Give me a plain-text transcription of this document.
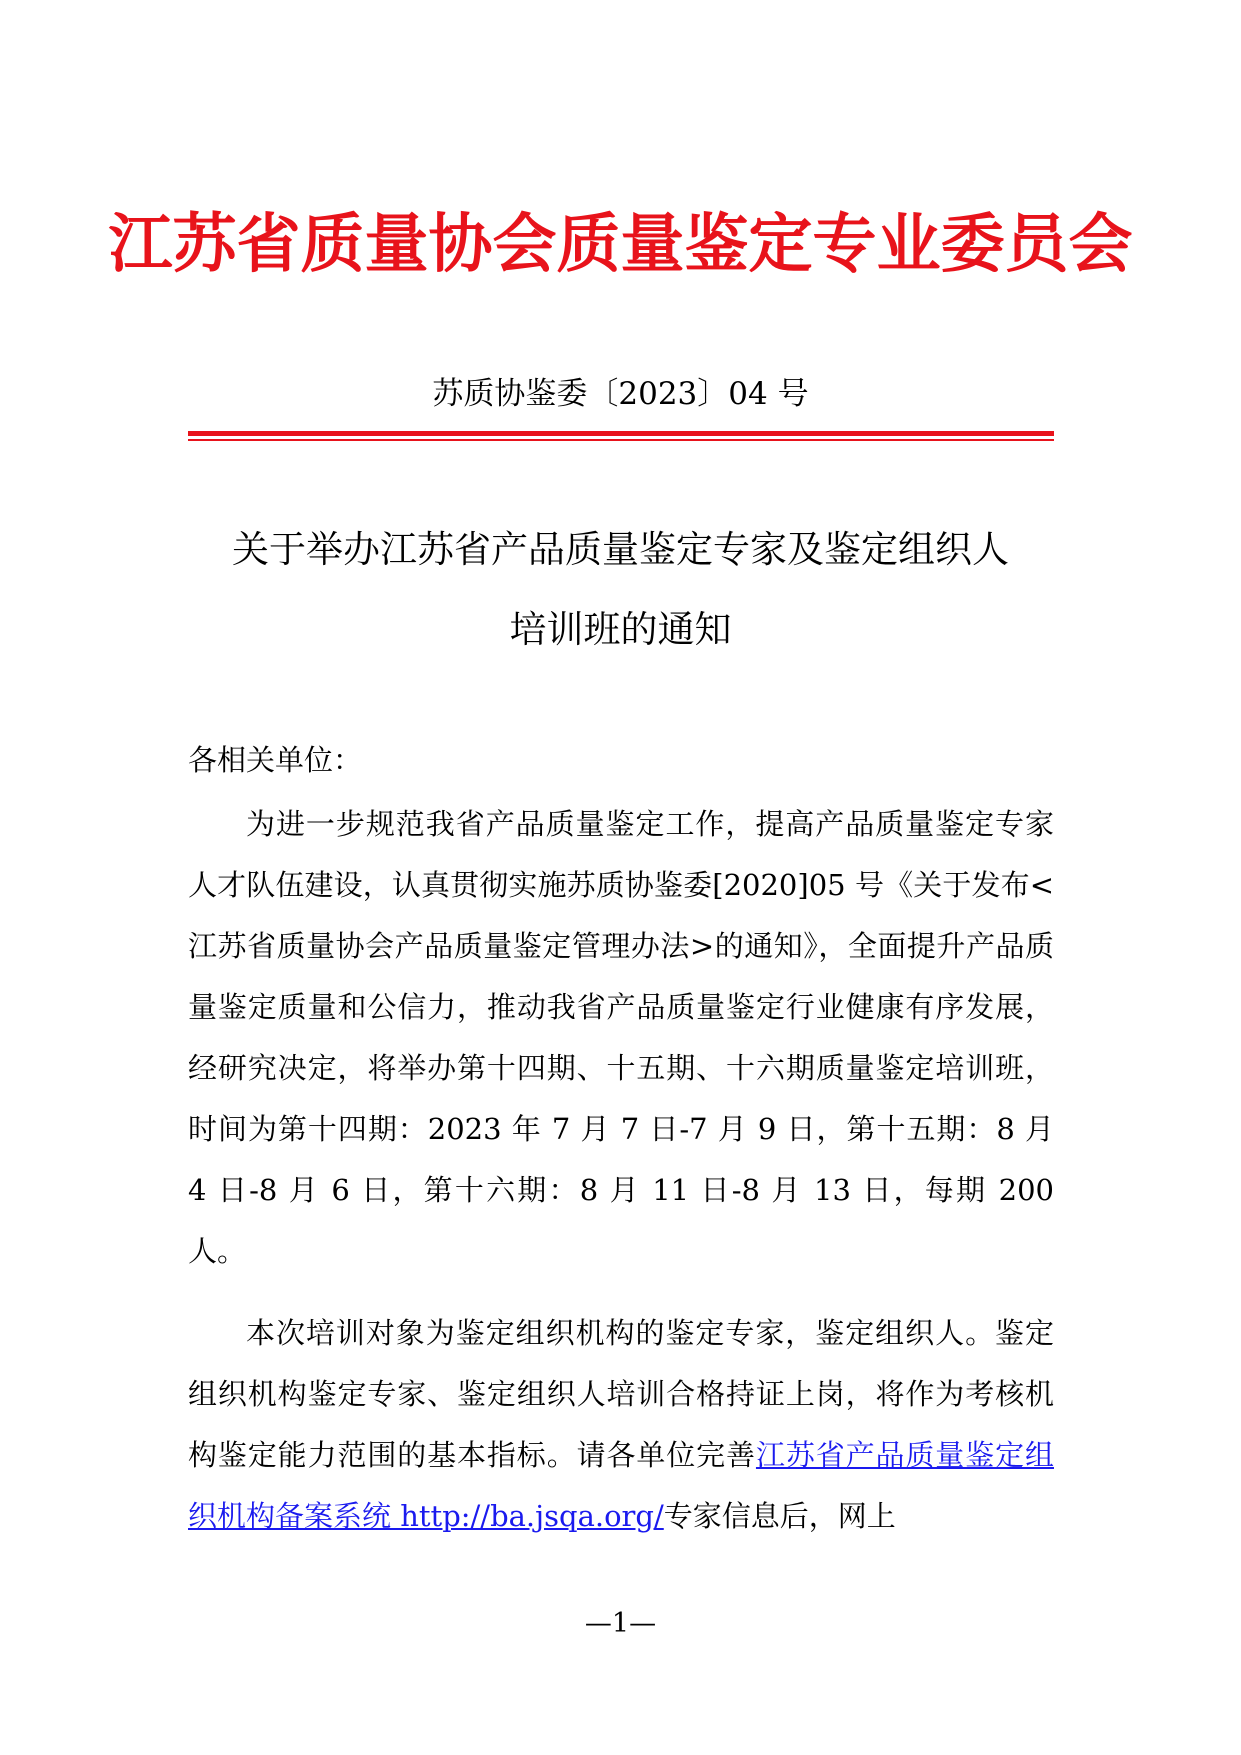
江苏省质量协会质量鉴定专业委员会
苏质协鉴委〔2023〕04 号
关于举办江苏省产品质量鉴定专家及鉴定组织人
培训班的通知
各相关单位：

为进一步规范我省产品质量鉴定工作，提高产品质量鉴定专家人才队伍建设，认真贯彻实施苏质协鉴委[2020]05 号《关于发布<江苏省质量协会产品质量鉴定管理办法>的通知》，全面提升产品质量鉴定质量和公信力，推动我省产品质量鉴定行业健康有序发展，经研究决定，将举办第十四期、十五期、十六期质量鉴定培训班，时间为第十四期：2023 年 7 月 7 日-7 月 9 日，第十五期：8 月 4 日-8 月 6 日，第十六期：8 月 11 日-8 月 13 日，每期 200 人。

本次培训对象为鉴定组织机构的鉴定专家，鉴定组织人。鉴定组织机构鉴定专家、鉴定组织人培训合格持证上岗，将作为考核机构鉴定能力范围的基本指标。请各单位完善江苏省产品质量鉴定组织机构备案系统 http://ba.jsqa.org/专家信息后，网上

—1—
